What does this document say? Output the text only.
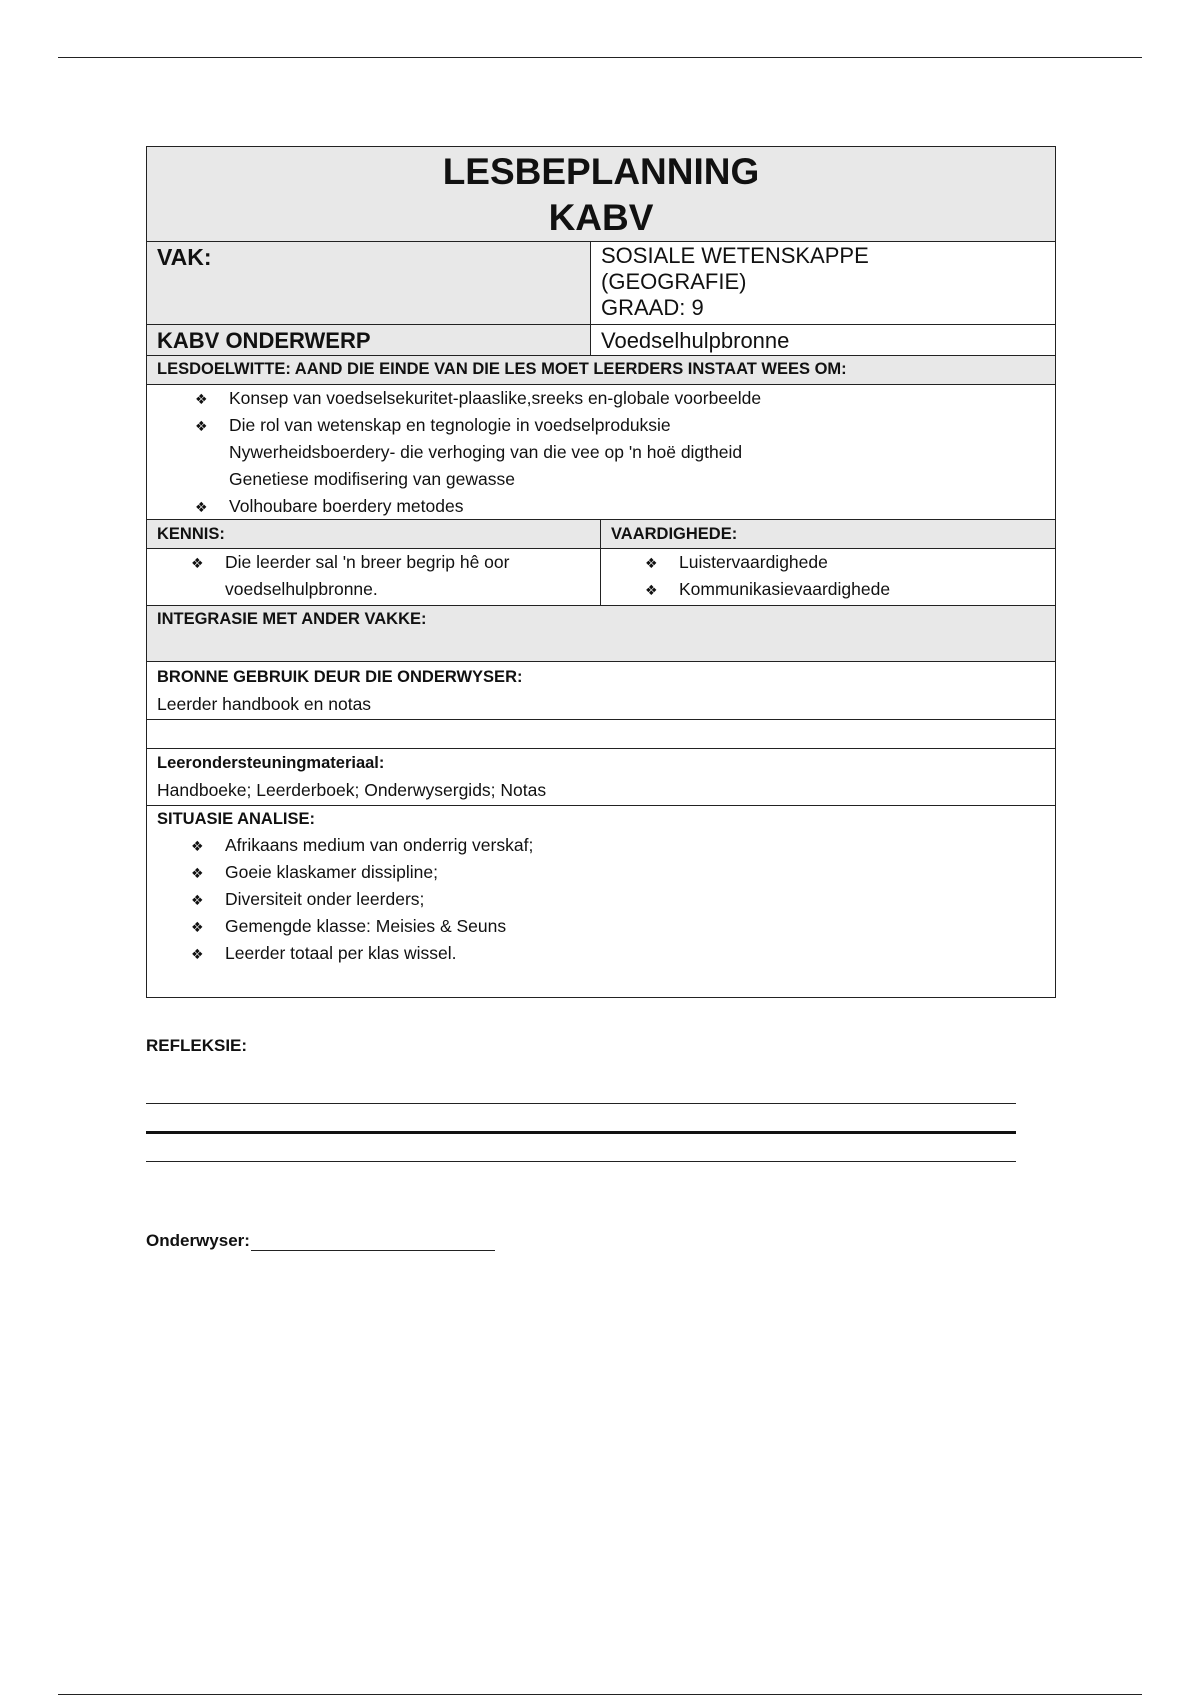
LESBEPLANNING
KABV
VAK:	SOSIALE WETENSKAPPE
(GEOGRAFIE)
GRAAD: 9
KABV ONDERWERP	Voedselhulpbronne
LESDOELWITTE: AAND DIE EINDE VAN DIE LES MOET LEERDERS INSTAAT WEES OM:
❖ Konsep van voedselsekuritet-plaaslike,sreeks en-globale voorbeelde
❖ Die rol van wetenskap en tegnologie in voedselproduksie
Nywerheidsboerdery- die verhoging van die vee op 'n hoë digtheid
Genetiese modifisering van gewasse
❖ Volhoubare boerdery metodes
KENNIS:	VAARDIGHEDE:
❖ Die leerder sal 'n breer begrip hê oor
voedselhulpbronne.
❖ Luistervaardighede
❖ Kommunikasievaardighede
INTEGRASIE MET ANDER VAKKE:
BRONNE GEBRUIK DEUR DIE ONDERWYSER:
Leerder handbook en notas
Leerondersteuningmateriaal:
Handboeke; Leerderboek; Onderwysergids; Notas
SITUASIE ANALISE:
❖ Afrikaans medium van onderrig verskaf;
❖ Goeie klaskamer dissipline;
❖ Diversiteit onder leerders;
❖ Gemengde klasse: Meisies & Seuns
❖ Leerder totaal per klas wissel.
REFLEKSIE:
Onderwyser:
